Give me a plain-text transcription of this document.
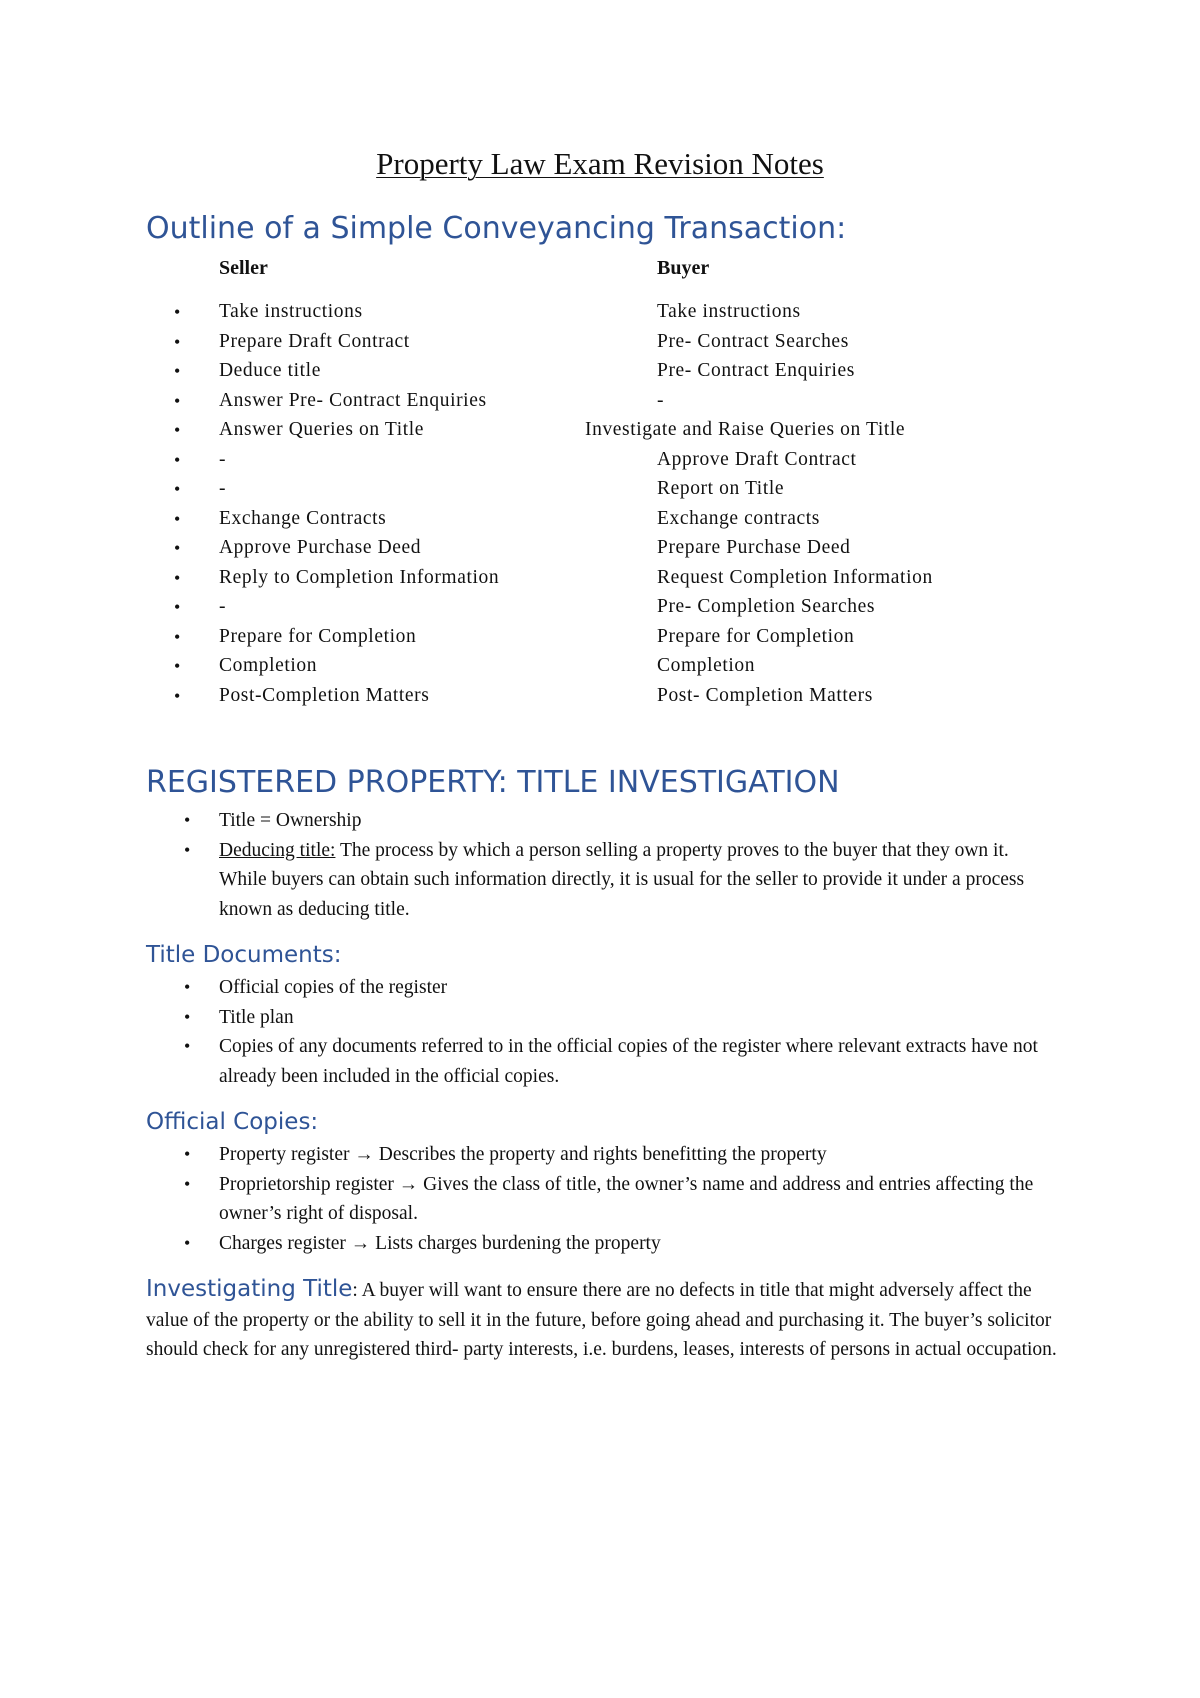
Property Law Exam Revision Notes
Outline of a Simple Conveyancing Transaction:
Seller	Buyer
• Take instructions	Take instructions
• Prepare Draft Contract	Pre- Contract Searches
• Deduce title	Pre- Contract Enquiries
• Answer Pre- Contract Enquiries	-
• Answer Queries on Title	Investigate and Raise Queries on Title
• -	Approve Draft Contract
• -	Report on Title
• Exchange Contracts	Exchange contracts
• Approve Purchase Deed	Prepare Purchase Deed
• Reply to Completion Information	Request Completion Information
• -	Pre- Completion Searches
• Prepare for Completion	Prepare for Completion
• Completion	Completion
• Post-Completion Matters	Post- Completion Matters
REGISTERED PROPERTY: TITLE INVESTIGATION
• Title = Ownership
• Deducing title: The process by which a person selling a property proves to the buyer that they own it. While buyers can obtain such information directly, it is usual for the seller to provide it under a process known as deducing title.
Title Documents:
• Official copies of the register
• Title plan
• Copies of any documents referred to in the official copies of the register where relevant extracts have not already been included in the official copies.
Official Copies:
• Property register → Describes the property and rights benefitting the property
• Proprietorship register → Gives the class of title, the owner’s name and address and entries affecting the owner’s right of disposal.
• Charges register → Lists charges burdening the property
Investigating Title: A buyer will want to ensure there are no defects in title that might adversely affect the value of the property or the ability to sell it in the future, before going ahead and purchasing it. The buyer’s solicitor should check for any unregistered third- party interests, i.e. burdens, leases, interests of persons in actual occupation.
